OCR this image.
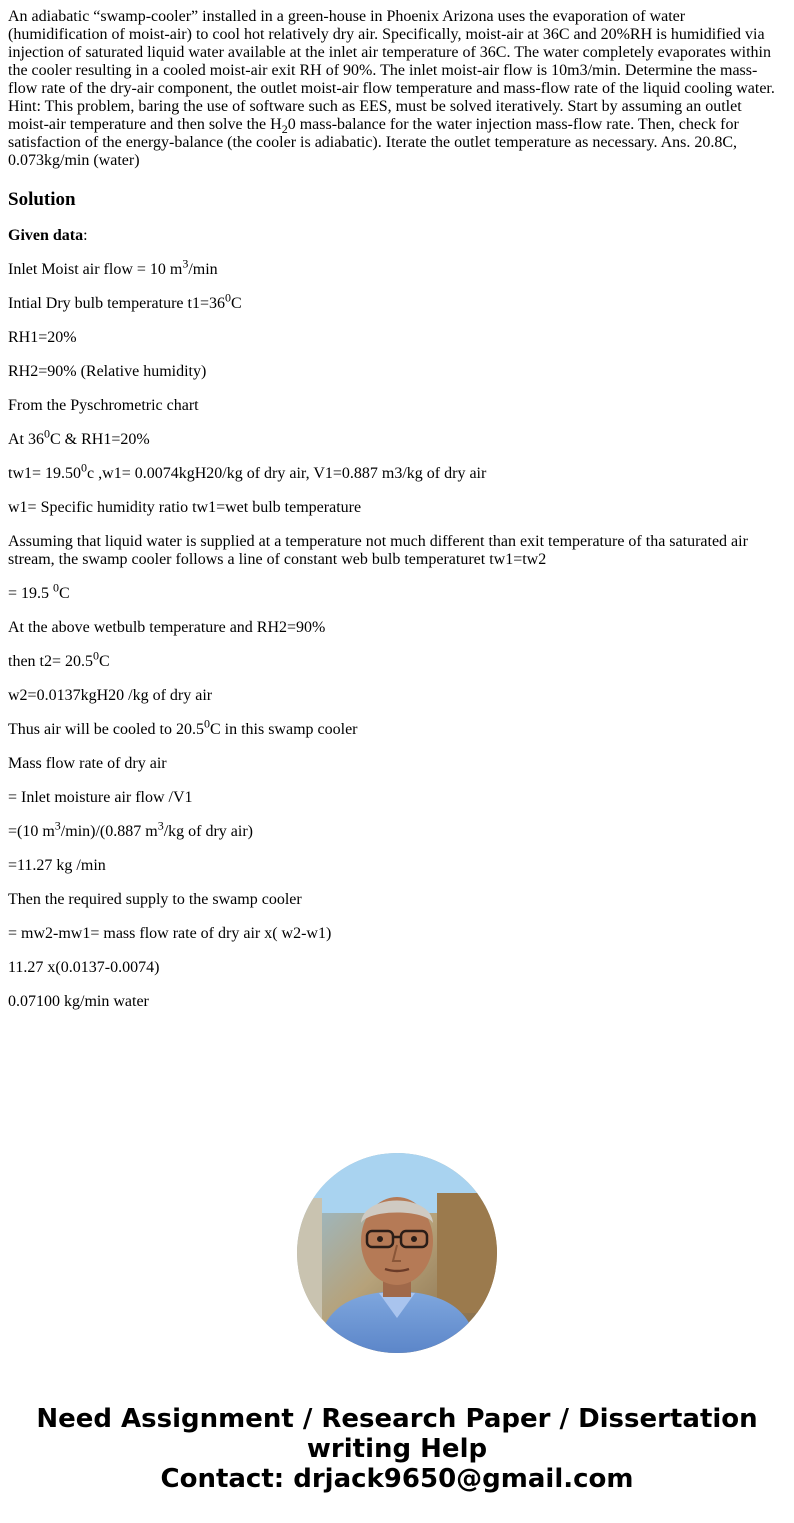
An adiabatic “swamp-cooler” installed in a green-house in Phoenix Arizona uses the evaporation of water (humidification of moist-air) to cool hot relatively dry air. Specifically, moist-air at 36C and 20%RH is humidified via injection of saturated liquid water available at the inlet air temperature of 36C. The water completely evaporates within the cooler resulting in a cooled moist-air exit RH of 90%. The inlet moist-air flow is 10m3/min. Determine the mass-flow rate of the dry-air component, the outlet moist-air flow temperature and mass-flow rate of the liquid cooling water. Hint: This problem, baring the use of software such as EES, must be solved iteratively. Start by assuming an outlet moist-air temperature and then solve the $H_20$ mass-balance for the water injection mass-flow rate. Then, check for satisfaction of the energy-balance (the cooler is adiabatic). Iterate the outlet temperature as necessary. Ans. 20.8C, 0.073kg/min (water)
Solution

Given data:

Inlet Moist air flow = 10 $m^3/\min$

Intial Dry bulb temperature $t1=36^0C$

RH1=20%

RH2=90% (Relative humidity)

From the Pyschrometric chart

At $36^0C$ & RH1=20%

$tw1= 19.50^0c$ ,w1= 0.0074kgH20/kg of dry air, V1=0.887 m3/kg of dry air

w1= Specific humidity ratio tw1=wet bulb temperature

Assuming that liquid water is supplied at a temperature not much different than exit temperature of tha saturated air stream, the swamp cooler follows a line of constant web bulb temperaturet tw1=tw2

= 19.5 $^0$C

At the above wetbulb temperature and RH2=90%

then $t2= 20.5^0C$

w2=0.0137kgH20 /kg of dry air

Thus air will be cooled to 20.5$^0$C in this swamp cooler

Mass flow rate of dry air

= Inlet moisture air flow /V1

=(10 $m^3/\min)/(0.887$ $m^3/kg$ of dry air)

=11.27 kg /min

Then the required supply to the swamp cooler

= mw2-mw1= mass flow rate of dry air x( w2-w1)

11.27 x(0.0137-0.0074)

0.07100 kg/min water

Need Assignment / Research Paper / Dissertation
writing Help
Contact: drjack9650@gmail.com
